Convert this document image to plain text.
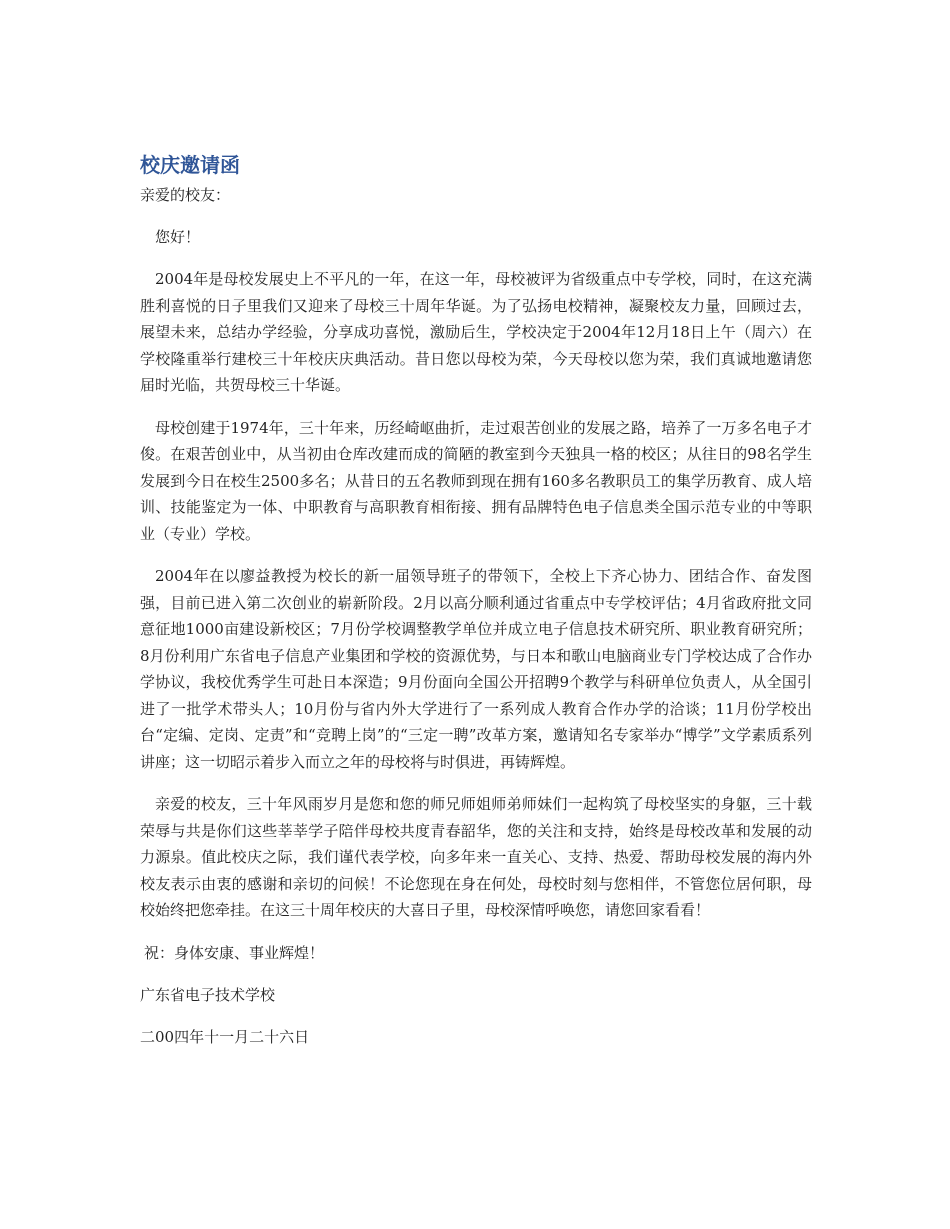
校庆邀请函

亲爱的校友：

您好！

2004年是母校发展史上不平凡的一年，在这一年，母校被评为省级重点中专学校，同时，在这充满胜利喜悦的日子里我们又迎来了母校三十周年华诞。为了弘扬电校精神，凝聚校友力量，回顾过去，展望未来，总结办学经验，分享成功喜悦，激励后生，学校决定于2004年12月18日上午（周六）在学校隆重举行建校三十年校庆庆典活动。昔日您以母校为荣，今天母校以您为荣，我们真诚地邀请您届时光临，共贺母校三十华诞。

母校创建于1974年，三十年来，历经崎岖曲折，走过艰苦创业的发展之路，培养了一万多名电子才俊。在艰苦创业中，从当初由仓库改建而成的简陋的教室到今天独具一格的校区；从往日的98名学生发展到今日在校生2500多名；从昔日的五名教师到现在拥有160多名教职员工的集学历教育、成人培训、技能鉴定为一体、中职教育与高职教育相衔接、拥有品牌特色电子信息类全国示范专业的中等职业（专业）学校。

2004年在以廖益教授为校长的新一届领导班子的带领下，全校上下齐心协力、团结合作、奋发图强，目前已进入第二次创业的崭新阶段。2月以高分顺利通过省重点中专学校评估；4月省政府批文同意征地1000亩建设新校区；7月份学校调整教学单位并成立电子信息技术研究所、职业教育研究所；8月份利用广东省电子信息产业集团和学校的资源优势，与日本和歌山电脑商业专门学校达成了合作办学协议，我校优秀学生可赴日本深造；9月份面向全国公开招聘9个教学与科研单位负责人，从全国引进了一批学术带头人；10月份与省内外大学进行了一系列成人教育合作办学的洽谈；11月份学校出台“定编、定岗、定责”和“竞聘上岗”的“三定一聘”改革方案，邀请知名专家举办“博学”文学素质系列讲座；这一切昭示着步入而立之年的母校将与时俱进，再铸辉煌。

亲爱的校友，三十年风雨岁月是您和您的师兄师姐师弟师妹们一起构筑了母校坚实的身躯，三十载荣辱与共是你们这些莘莘学子陪伴母校共度青春韶华，您的关注和支持，始终是母校改革和发展的动力源泉。值此校庆之际，我们谨代表学校，向多年来一直关心、支持、热爱、帮助母校发展的海内外校友表示由衷的感谢和亲切的问候！不论您现在身在何处，母校时刻与您相伴，不管您位居何职，母校始终把您牵挂。在这三十周年校庆的大喜日子里，母校深情呼唤您，请您回家看看！

祝：身体安康、事业辉煌！

广东省电子技术学校

二00四年十一月二十六日
